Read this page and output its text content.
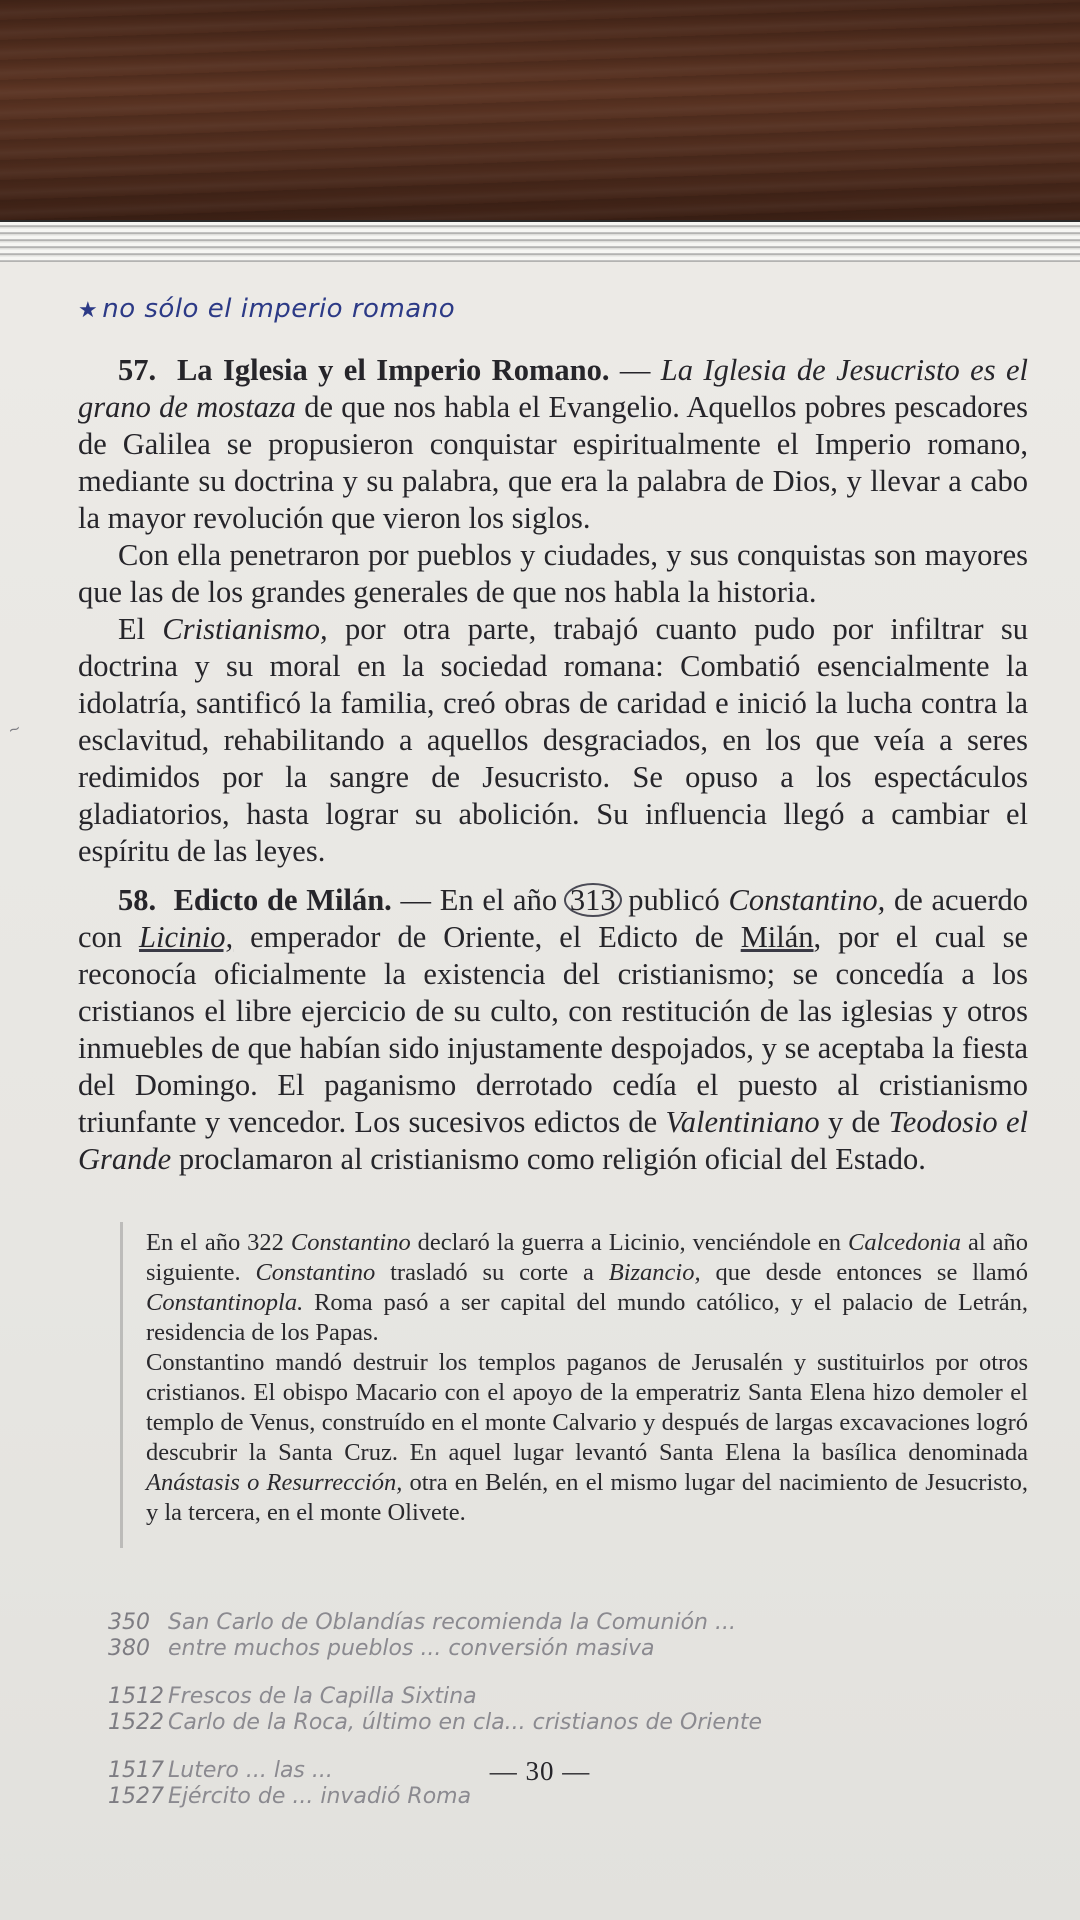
★ no sólo el imperio romano

57. La Iglesia y el Imperio Romano. — La Iglesia de Jesucristo es el grano de mostaza de que nos habla el Evangelio. Aquellos pobres pescadores de Galilea se propusieron conquistar espiritualmente el Imperio romano, mediante su doctrina y su palabra, que era la palabra de Dios, y llevar a cabo la mayor revolución que vieron los siglos.
Con ella penetraron por pueblos y ciudades, y sus conquistas son mayores que las de los grandes generales de que nos habla la historia.
El Cristianismo, por otra parte, trabajó cuanto pudo por infiltrar su doctrina y su moral en la sociedad romana: Combatió esencialmente la idolatría, santificó la familia, creó obras de caridad e inició la lucha contra la esclavitud, rehabilitando a aquellos desgraciados, en los que veía a seres redimidos por la sangre de Jesucristo. Se opuso a los espectáculos gladiatorios, hasta lograr su abolición. Su influencia llegó a cambiar el espíritu de las leyes.

58. Edicto de Milán. — En el año 313 publicó Constantino, de acuerdo con Licinio, emperador de Oriente, el Edicto de Milán, por el cual se reconocía oficialmente la existencia del cristianismo; se concedía a los cristianos el libre ejercicio de su culto, con restitución de las iglesias y otros inmuebles de que habían sido injustamente despojados, y se aceptaba la fiesta del Domingo. El paganismo derrotado cedía el puesto al cristianismo triunfante y vencedor. Los sucesivos edictos de Valentiniano y de Teodosio el Grande proclamaron al cristianismo como religión oficial del Estado.

~

En el año 322 Constantino declaró la guerra a Licinio, venciéndole en Calcedonia al año siguiente. Constantino trasladó su corte a Bizancio, que desde entonces se llamó Constantinopla. Roma pasó a ser capital del mundo católico, y el palacio de Letrán, residencia de los Papas.

Constantino mandó destruir los templos paganos de Jerusalén y sustituirlos por otros cristianos. El obispo Macario con el apoyo de la emperatriz Santa Elena hizo demoler el templo de Venus, construído en el monte Calvario y después de largas excavaciones logró descubrir la Santa Cruz. En aquel lugar levantó Santa Elena la basílica denominada Anástasis o Resurrección, otra en Belén, en el mismo lugar del nacimiento de Jesucristo, y la tercera, en el monte Olivete.

350 San Carlo de Oblandías recomienda la Comunión ...
380 entre muchos pueblos ... conversión masiva
1512 Frescos de la Capilla Sixtina
1522 Carlo de la Roca, último en cla... cristianos de Oriente
1517 Lutero ... las ...
1527 Ejército de ... invadió Roma
— 30 —
